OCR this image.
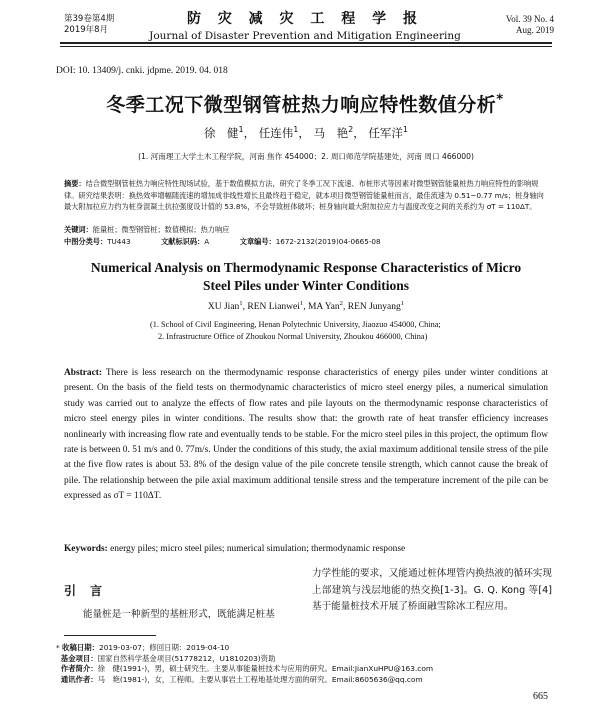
第39卷第4期
2019年8月
防 灾 减 灾 工 程 学 报
Journal of Disaster Prevention and Mitigation Engineering
Vol. 39 No. 4
Aug. 2019
DOI: 10. 13409/j. cnki. jdpme. 2019. 04. 018
冬季工况下微型钢管桩热力响应特性数值分析*
徐　健$^1$， 任连伟$^1$， 马　艳$^2$， 任军洋$^1$
(1. 河南理工大学土木工程学院，河南 焦作 454000；2. 周口师范学院基建处，河南 周口 466000)
摘要：结合微型钢管桩热力响应特性现场试验，基于数值模拟方法，研究了冬季工况下流速、布桩形式等因素对微型钢管能量桩热力响应特性的影响规律。研究结果表明：换热效率增幅随流速的增加成非线性增长且最终趋于稳定，就本项目微型钢管能量桩而言，最佳流速为 0.51~0.77 m/s；桩身轴向最大附加拉应力约为桩身混凝土抗拉强度设计值的 53.8%，不会导致桩体破坏；桩身轴向最大附加拉应力与温度改变之间的关系约为 σT = 110ΔT。
关键词：能量桩；微型钢管桩；数值模拟；热力响应
中图分类号：TU443	文献标识码：A	文章编号：1672-2132(2019)04-0665-08
Numerical Analysis on Thermodynamic Response Characteristics of Micro
Steel Piles under Winter Conditions
XU Jian$^1$, REN Lianwei$^1$, MA Yan$^2$, REN Junyang$^1$
(1. School of Civil Engineering, Henan Polytechnic University, Jiaozuo 454000, China;
2. Infrastructure Office of Zhoukou Normal University, Zhoukou 466000, China)
Abstract: There is less research on the thermodynamic response characteristics of energy piles under winter conditions at present. On the basis of the field tests on thermodynamic characteristics of micro steel energy piles, a numerical simulation study was carried out to analyze the effects of flow rates and pile layouts on the thermodynamic response characteristics of micro steel energy piles in winter conditions. The results show that: the growth rate of heat transfer efficiency increases nonlinearly with increasing flow rate and eventually tends to be stable. For the micro steel piles in this project, the optimum flow rate is between 0. 51 m/s and 0. 77m/s. Under the conditions of this study, the axial maximum additional tensile stress of the pile at the five flow rates is about 53. 8% of the design value of the pile concrete tensile strength, which cannot cause the break of pile. The relationship between the pile axial maximum additional tensile stress and the temperature increment of the pile can be expressed as σT = 110ΔT.
Keywords: energy piles; micro steel piles; numerical simulation; thermodynamic response
引言
能量桩是一种新型的基桩形式，既能满足桩基
力学性能的要求，又能通过桩体埋管内换热液的循环实现上部建筑与浅层地能的热交换[1-3]。G. Q. Kong 等[4]基于能量桩技术开展了桥面融雪除冰工程应用。
* 收稿日期：2019-03-07；修回日期：2019-04-10
基金项目：国家自然科学基金项目(51778212，U1810203)资助
作者简介：徐　健(1991-)，男，硕士研究生。主要从事能量桩技术与应用的研究。Email:JianXuHPU@163.com
通讯作者：马　艳(1981-)，女，工程师。主要从事岩土工程地基处理方面的研究。Email:8605636@qq.com
665
